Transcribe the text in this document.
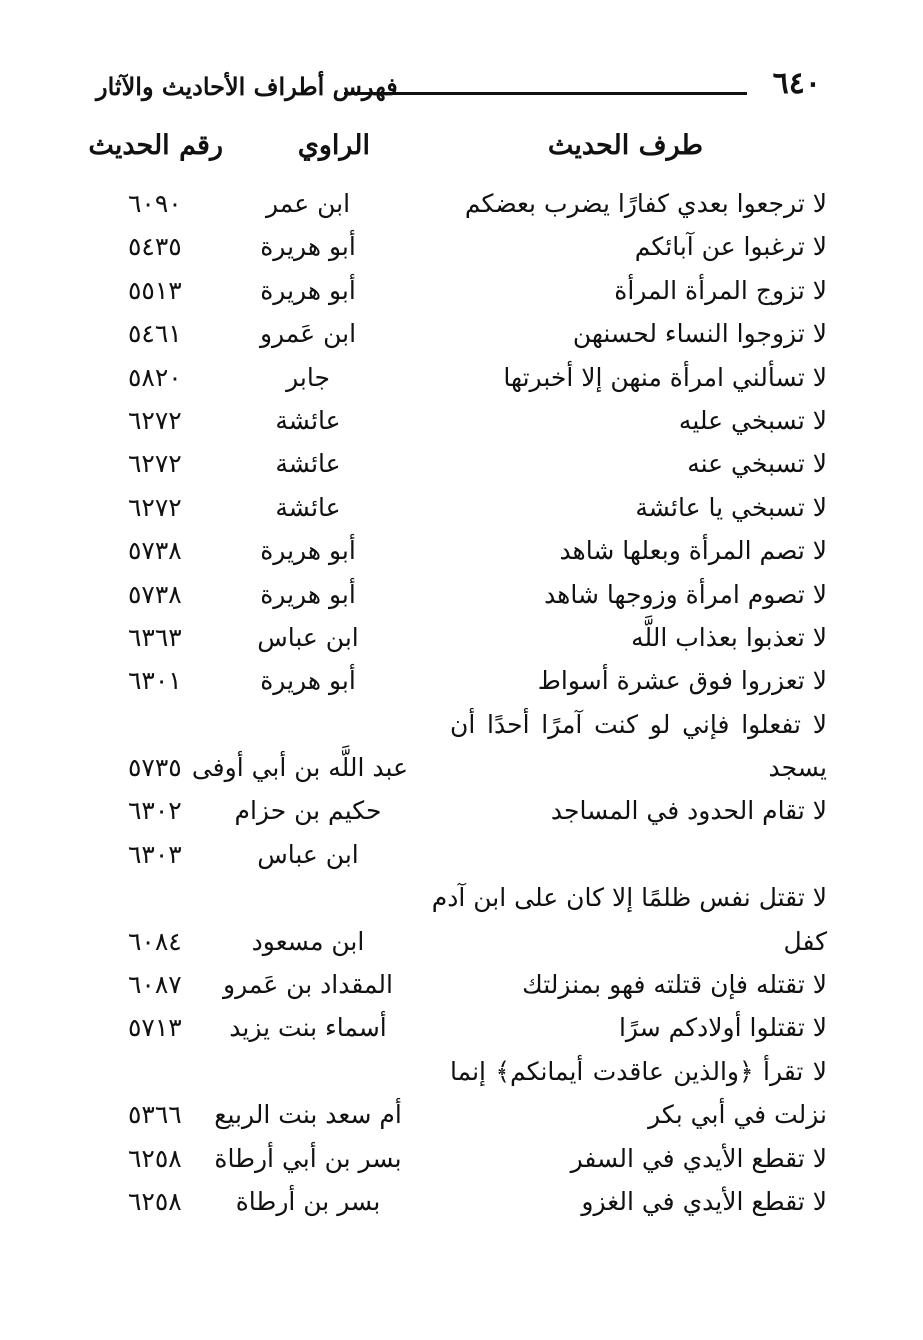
٦٤٠
فهرس أطراف الأحاديث والآثار
طرف الحديث
الراوي
رقم الحديث
لا ترجعوا بعدي كفارًا يضرب بعضكم
ابن عمر
٦٠٩٠
لا ترغبوا عن آبائكم
أبو هريرة
٥٤٣٥
لا تزوج المرأة المرأة
أبو هريرة
٥٥١٣
لا تزوجوا النساء لحسنهن
ابن عَمرو
٥٤٦١
لا تسألني امرأة منهن إلا أخبرتها
جابر
٥٨٢٠
لا تسبخي عليه
عائشة
٦٢٧٢
لا تسبخي عنه
عائشة
٦٢٧٢
لا تسبخي يا عائشة
عائشة
٦٢٧٢
لا تصم المرأة وبعلها شاهد
أبو هريرة
٥٧٣٨
لا تصوم امرأة وزوجها شاهد
أبو هريرة
٥٧٣٨
لا تعذبوا بعذاب اللَّه
ابن عباس
٦٣٦٣
لا تعزروا فوق عشرة أسواط
أبو هريرة
٦٣٠١
لا تفعلوا فإني لو كنت آمرًا أحدًا أن
يسجد
عبد اللَّه بن أبي أوفى
٥٧٣٥
لا تقام الحدود في المساجد
حكيم بن حزام
٦٣٠٢
ابن عباس
٦٣٠٣
لا تقتل نفس ظلمًا إلا كان على ابن آدم
كفل
ابن مسعود
٦٠٨٤
لا تقتله فإن قتلته فهو بمنزلتك
المقداد بن عَمرو
٦٠٨٧
لا تقتلوا أولادكم سرًا
أسماء بنت يزيد
٥٧١٣
لا تقرأ ﴿والذين عاقدت أيمانكم﴾ إنما
نزلت في أبي بكر
أم سعد بنت الربيع
٥٣٦٦
لا تقطع الأيدي في السفر
بسر بن أبي أرطاة
٦٢٥٨
لا تقطع الأيدي في الغزو
بسر بن أرطاة
٦٢٥٨
